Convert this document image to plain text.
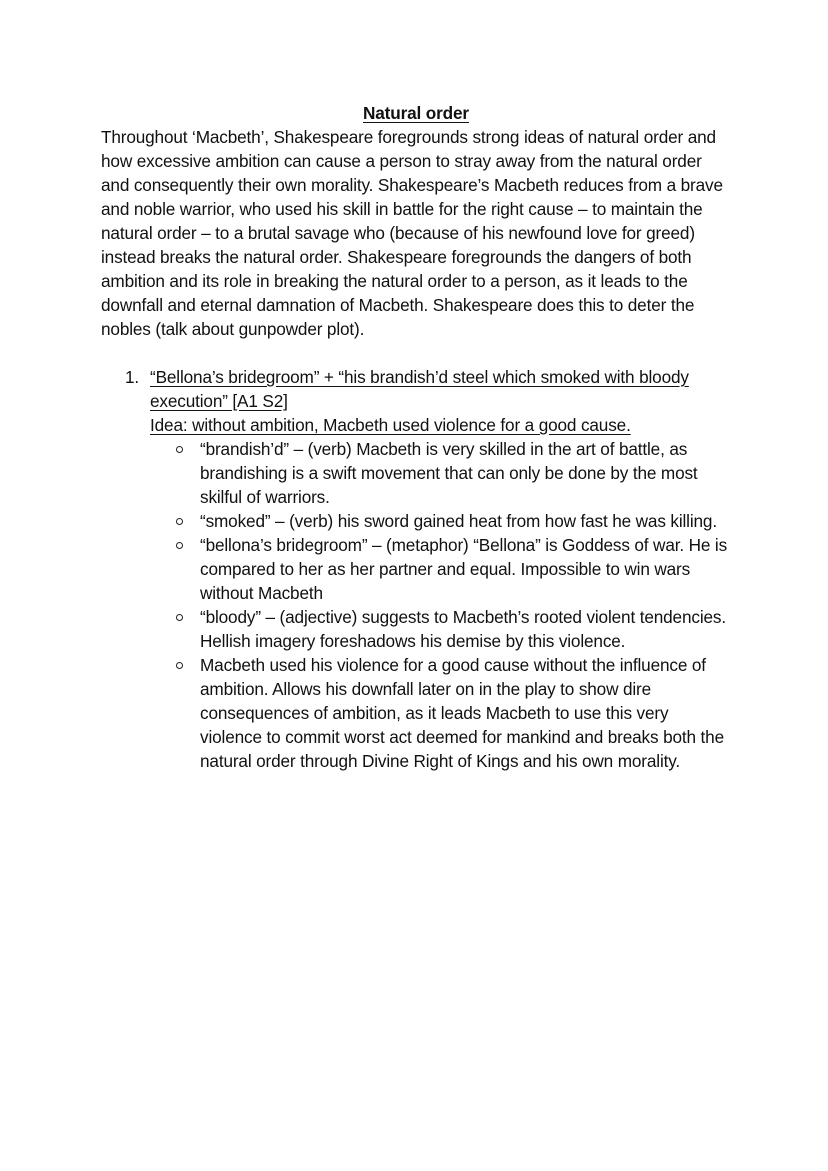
Natural order

Throughout ‘Macbeth’, Shakespeare foregrounds strong ideas of natural order and how excessive ambition can cause a person to stray away from the natural order and consequently their own morality. Shakespeare’s Macbeth reduces from a brave and noble warrior, who used his skill in battle for the right cause – to maintain the natural order – to a brutal savage who (because of his newfound love for greed) instead breaks the natural order. Shakespeare foregrounds the dangers of both ambition and its role in breaking the natural order to a person, as it leads to the downfall and eternal damnation of Macbeth. Shakespeare does this to deter the nobles (talk about gunpowder plot).

1. “Bellona’s bridegroom” + “his brandish’d steel which smoked with bloody execution” [A1 S2]
Idea: without ambition, Macbeth used violence for a good cause.
“brandish’d” – (verb) Macbeth is very skilled in the art of battle, as brandishing is a swift movement that can only be done by the most skilful of warriors.
“smoked” – (verb) his sword gained heat from how fast he was killing.
“bellona’s bridegroom” – (metaphor) “Bellona” is Goddess of war. He is compared to her as her partner and equal. Impossible to win wars without Macbeth
“bloody” – (adjective) suggests to Macbeth’s rooted violent tendencies. Hellish imagery foreshadows his demise by this violence.
Macbeth used his violence for a good cause without the influence of ambition. Allows his downfall later on in the play to show dire consequences of ambition, as it leads Macbeth to use this very violence to commit worst act deemed for mankind and breaks both the natural order through Divine Right of Kings and his own morality.
